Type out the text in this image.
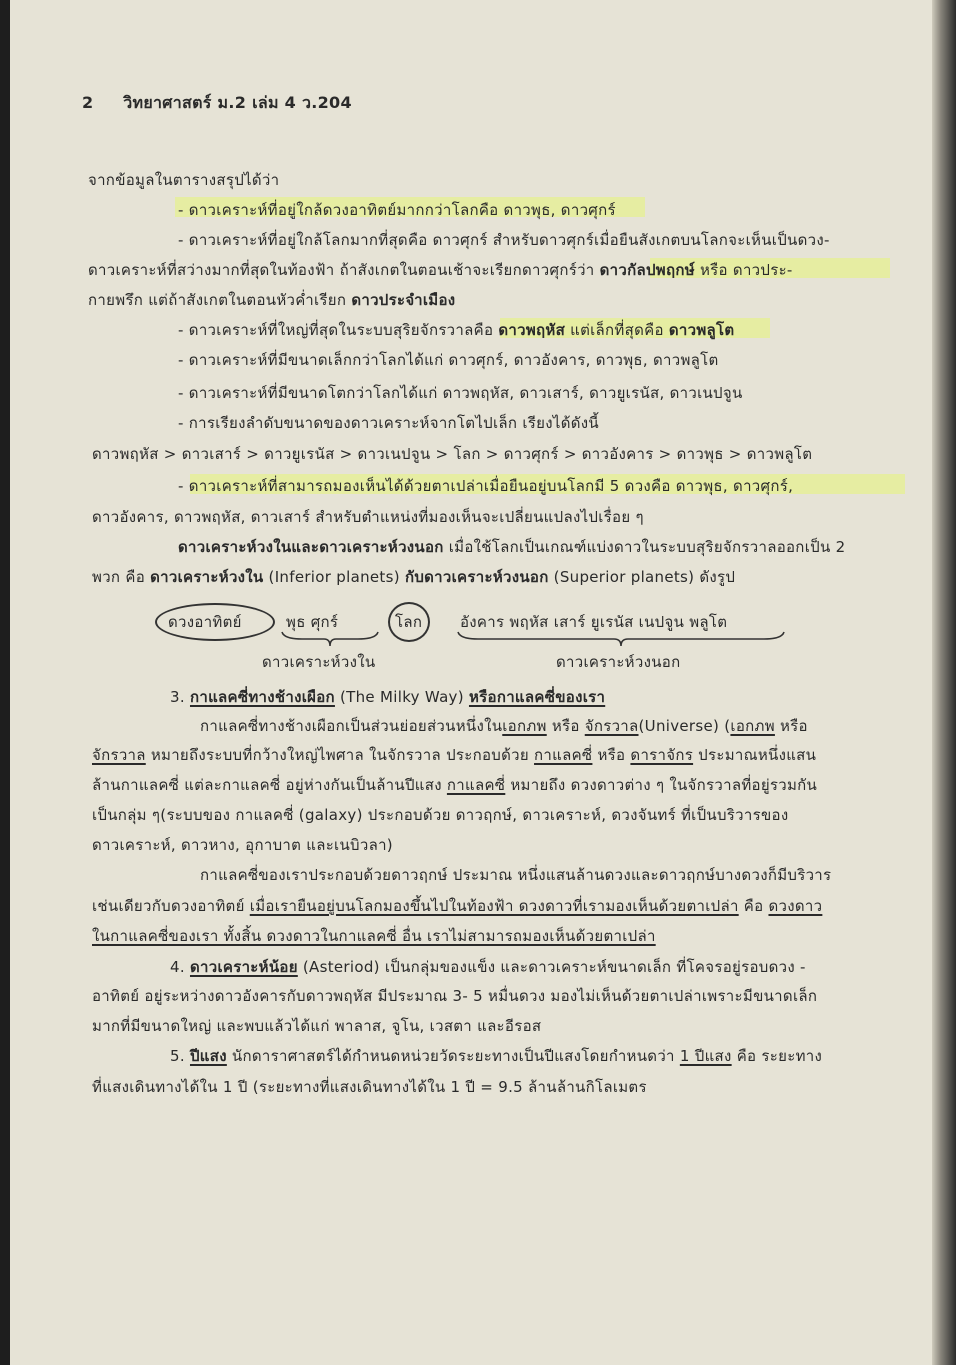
2 วิทยาศาสตร์ ม.2 เล่ม 4 ว.204
จากข้อมูลในตารางสรุปได้ว่า
- ดาวเคราะห์ที่อยู่ใกล้ดวงอาทิตย์มากกว่าโลกคือ ดาวพุธ, ดาวศุกร์
- ดาวเคราะห์ที่อยู่ใกล้โลกมากที่สุดคือ ดาวศุกร์ สำหรับดาวศุกร์เมื่อยืนสังเกตบนโลกจะเห็นเป็นดวง-
ดาวเคราะห์ที่สว่างมากที่สุดในท้องฟ้า ถ้าสังเกตในตอนเช้าจะเรียกดาวศุกร์ว่า ดาวกัลปพฤกษ์ หรือ ดาวประ-
กายพรึก แต่ถ้าสังเกตในตอนหัวค่ำเรียก ดาวประจำเมือง
- ดาวเคราะห์ที่ใหญ่ที่สุดในระบบสุริยจักรวาลคือ ดาวพฤหัส แต่เล็กที่สุดคือ ดาวพลูโต
- ดาวเคราะห์ที่มีขนาดเล็กกว่าโลกได้แก่ ดาวศุกร์, ดาวอังคาร, ดาวพุธ, ดาวพลูโต
- ดาวเคราะห์ที่มีขนาดโตกว่าโลกได้แก่ ดาวพฤหัส, ดาวเสาร์, ดาวยูเรนัส, ดาวเนปจูน
- การเรียงลำดับขนาดของดาวเคราะห์จากโตไปเล็ก เรียงได้ดังนี้
ดาวพฤหัส > ดาวเสาร์ > ดาวยูเรนัส > ดาวเนปจูน > โลก > ดาวศุกร์ > ดาวอังคาร > ดาวพุธ > ดาวพลูโต
- ดาวเคราะห์ที่สามารถมองเห็นได้ด้วยตาเปล่าเมื่อยืนอยู่บนโลกมี 5 ดวงคือ ดาวพุธ, ดาวศุกร์,
ดาวอังคาร, ดาวพฤหัส, ดาวเสาร์ สำหรับตำแหน่งที่มองเห็นจะเปลี่ยนแปลงไปเรื่อย ๆ
ดาวเคราะห์วงในและดาวเคราะห์วงนอก เมื่อใช้โลกเป็นเกณฑ์แบ่งดาวในระบบสุริยจักรวาลออกเป็น 2
พวก คือ ดาวเคราะห์วงใน (Inferior planets) กับดาวเคราะห์วงนอก (Superior planets) ดังรูป
ดวงอาทิตย์	พุธ ศุกร์	โลก	อังคาร พฤหัส เสาร์ ยูเรนัส เนปจูน พลูโต
ดาวเคราะห์วงใน	ดาวเคราะห์วงนอก
3. กาแลคซี่ทางช้างเผือก (The Milky Way) หรือกาแลคซี่ของเรา
กาแลคซี่ทางช้างเผือกเป็นส่วนย่อยส่วนหนึ่งในเอกภพ หรือ จักรวาล(Universe) (เอกภพ หรือ
จักรวาล หมายถึงระบบที่กว้างใหญ่ไพศาล ในจักรวาล ประกอบด้วย กาแลคซี่ หรือ ดาราจักร ประมาณหนึ่งแสน
ล้านกาแลคซี่ แต่ละกาแลคซี่ อยู่ห่างกันเป็นล้านปีแสง กาแลคซี่ หมายถึง ดวงดาวต่าง ๆ ในจักรวาลที่อยู่รวมกัน
เป็นกลุ่ม ๆ(ระบบของ กาแลคซี่ (galaxy) ประกอบด้วย ดาวฤกษ์, ดาวเคราะห์, ดวงจันทร์ ที่เป็นบริวารของ
ดาวเคราะห์, ดาวหาง, อุกาบาต และเนบิวลา)
กาแลคซี่ของเราประกอบด้วยดาวฤกษ์ ประมาณ หนึ่งแสนล้านดวงและดาวฤกษ์บางดวงก็มีบริวาร
เช่นเดียวกับดวงอาทิตย์ เมื่อเรายืนอยู่บนโลกมองขึ้นไปในท้องฟ้า ดวงดาวที่เรามองเห็นด้วยตาเปล่า คือ ดวงดาว
ในกาแลคซี่ของเรา ทั้งสิ้น ดวงดาวในกาแลคซี่ อื่น เราไม่สามารถมองเห็นด้วยตาเปล่า
4. ดาวเคราะห์น้อย (Asteriod) เป็นกลุ่มของแข็ง และดาวเคราะห์ขนาดเล็ก ที่โคจรอยู่รอบดวง -
อาทิตย์ อยู่ระหว่างดาวอังคารกับดาวพฤหัส มีประมาณ 3- 5 หมื่นดวง มองไม่เห็นด้วยตาเปล่าเพราะมีขนาดเล็ก
มากที่มีขนาดใหญ่ และพบแล้วได้แก่ พาลาส, จูโน, เวสตา และอีรอส
5. ปีแสง นักดาราศาสตร์ได้กำหนดหน่วยวัดระยะทางเป็นปีแสงโดยกำหนดว่า 1 ปีแสง คือ ระยะทาง
ที่แสงเดินทางได้ใน 1 ปี (ระยะทางที่แสงเดินทางได้ใน 1 ปี = 9.5 ล้านล้านกิโลเมตร
